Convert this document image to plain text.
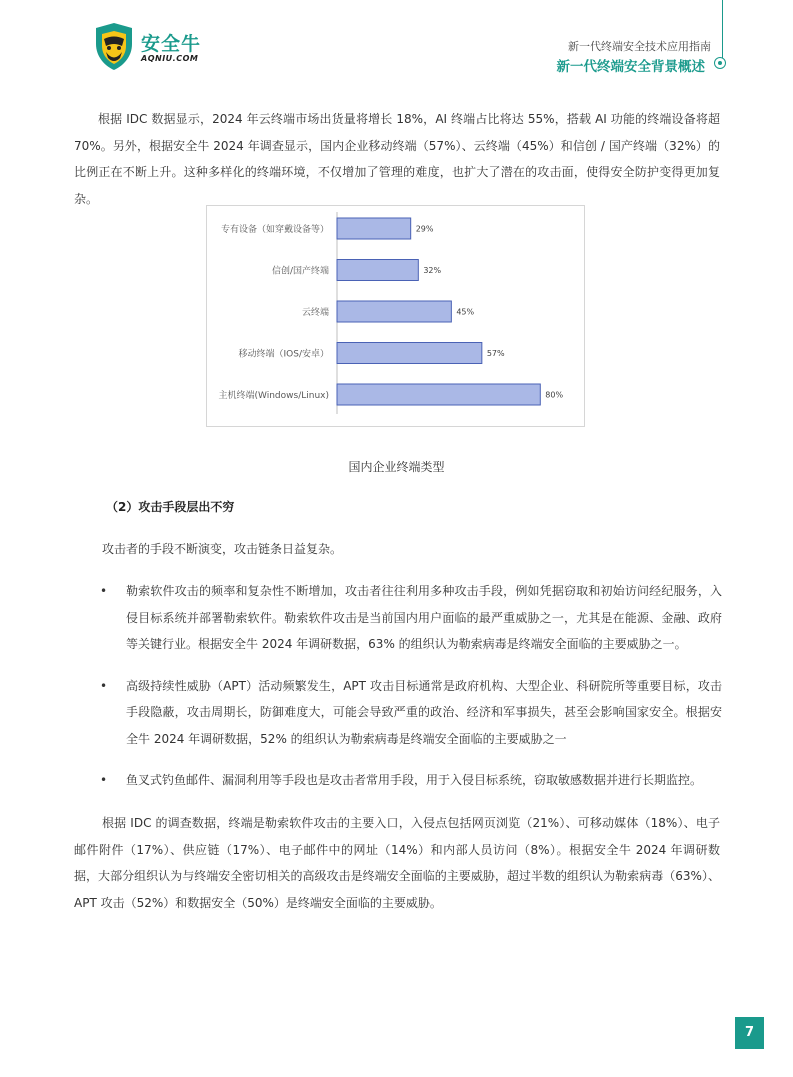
安全牛
AQNIU.COM
新一代终端安全技术应用指南
新一代终端安全背景概述

根据 IDC 数据显示，2024 年云终端市场出货量将增长 18%，AI 终端占比将达 55%，搭载 AI 功能的终端设备将超 70%。另外，根据安全牛 2024 年调查显示，国内企业移动终端（57%）、云终端（45%）和信创 / 国产终端（32%）的比例正在不断上升。这种多样化的终端环境，不仅增加了管理的难度，也扩大了潜在的攻击面，使得安全防护变得更加复杂。

专有设备（如穿戴设备等）	29%
信创/国产终端	32%
云终端	45%
移动终端（IOS/安卓）	57%
主机终端(Windows/Linux)	80%
国内企业终端类型
（2）攻击手段层出不穷

攻击者的手段不断演变，攻击链条日益复杂。

• 勒索软件攻击的频率和复杂性不断增加，攻击者往往利用多种攻击手段，例如凭据窃取和初始访问经纪服务，入侵目标系统并部署勒索软件。勒索软件攻击是当前国内用户面临的最严重威胁之一，尤其是在能源、金融、政府等关键行业。根据安全牛 2024 年调研数据，63% 的组织认为勒索病毒是终端安全面临的主要威胁之一。
• 高级持续性威胁（APT）活动频繁发生，APT 攻击目标通常是政府机构、大型企业、科研院所等重要目标，攻击手段隐蔽，攻击周期长，防御难度大，可能会导致严重的政治、经济和军事损失，甚至会影响国家安全。根据安全牛 2024 年调研数据，52% 的组织认为勒索病毒是终端安全面临的主要威胁之一
• 鱼叉式钓鱼邮件、漏洞利用等手段也是攻击者常用手段，用于入侵目标系统，窃取敏感数据并进行长期监控。

根据 IDC 的调查数据，终端是勒索软件攻击的主要入口，入侵点包括网页浏览（21%）、可移动媒体（18%）、电子邮件附件（17%）、供应链（17%）、电子邮件中的网址（14%）和内部人员访问（8%）。根据安全牛 2024 年调研数据，大部分组织认为与终端安全密切相关的高级攻击是终端安全面临的主要威胁，超过半数的组织认为勒索病毒（63%）、APT 攻击（52%）和数据安全（50%）是终端安全面临的主要威胁。

7
